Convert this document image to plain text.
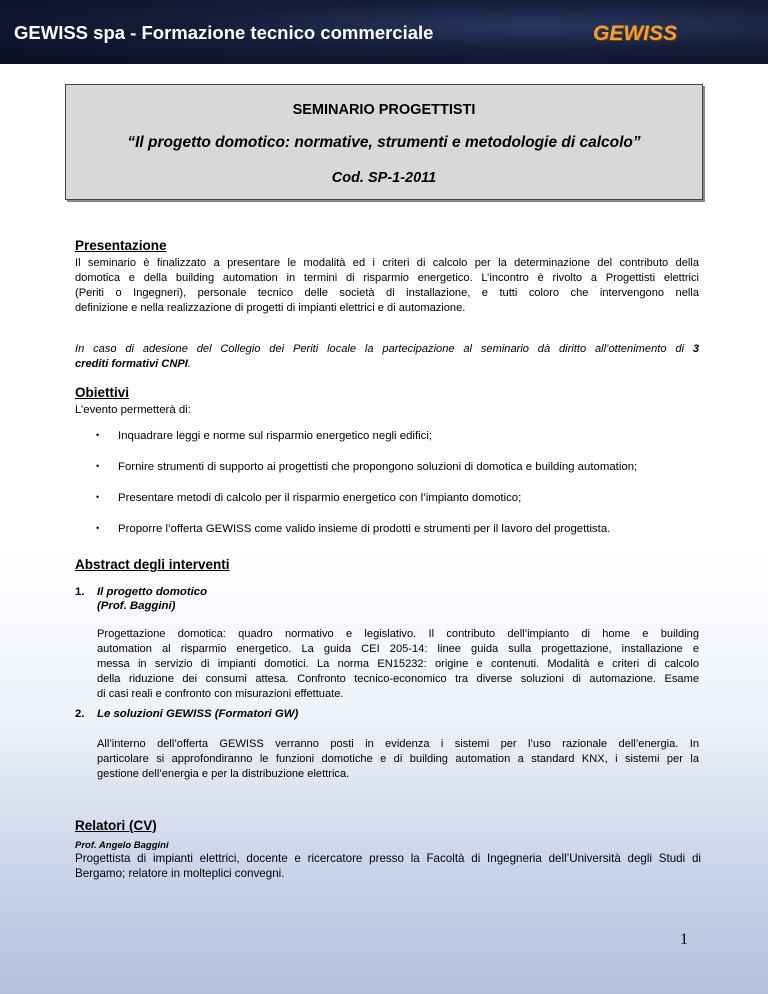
GEWISS spa - Formazione tecnico commerciale	GEWISS
SEMINARIO PROGETTISTI
“Il progetto domotico: normative, strumenti e metodologie di calcolo”
Cod. SP-1-2011
Presentazione
Il seminario è finalizzato a presentare le modalità ed i criteri di calcolo per la determinazione del contributo della
domotica e della building automation in termini di risparmio energetico. L’incontro è rivolto a Progettisti elettrici
(Periti o Ingegneri), personale tecnico delle società di installazione, e tutti coloro che intervengono nella
definizione e nella realizzazione di progetti di impianti elettrici e di automazione.
In caso di adesione del Collegio dei Periti locale la partecipazione al seminario dà diritto all’ottenimento di 3
crediti formativi CNPI.
Obiettivi
L’evento permetterà di:
• Inquadrare leggi e norme sul risparmio energetico negli edifici;
• Fornire strumenti di supporto ai progettisti che propongono soluzioni di domotica e building automation;
• Presentare metodi di calcolo per il risparmio energetico con l’impianto domotico;
• Proporre l’offerta GEWISS come valido insieme di prodotti e strumenti per il lavoro del progettista.
Abstract degli interventi
1. Il progetto domotico
(Prof. Baggini)
Progettazione domotica: quadro normativo e legislativo. Il contributo dell’impianto di home e building
automation al risparmio energetico. La guida CEI 205-14: linee guida sulla progettazione, installazione e
messa in servizio di impianti domotici. La norma EN15232: origine e contenuti. Modalità e criteri di calcolo
della riduzione dei consumi attesa. Confronto tecnico-economico tra diverse soluzioni di automazione. Esame
di casi reali e confronto con misurazioni effettuate.
2. Le soluzioni GEWISS (Formatori GW)
All’interno dell’offerta GEWISS verranno posti in evidenza i sistemi per l’uso razionale dell’energia. In
particolare si approfondiranno le funzioni domotiche e di building automation a standard KNX, i sistemi per la
gestione dell’energia e per la distribuzione elettrica.
Relatori (CV)
Prof. Angelo Baggini
Progettista di impianti elettrici, docente e ricercatore presso la Facoltà di Ingegneria dell’Università degli Studi di
Bergamo; relatore in molteplici convegni.
1
